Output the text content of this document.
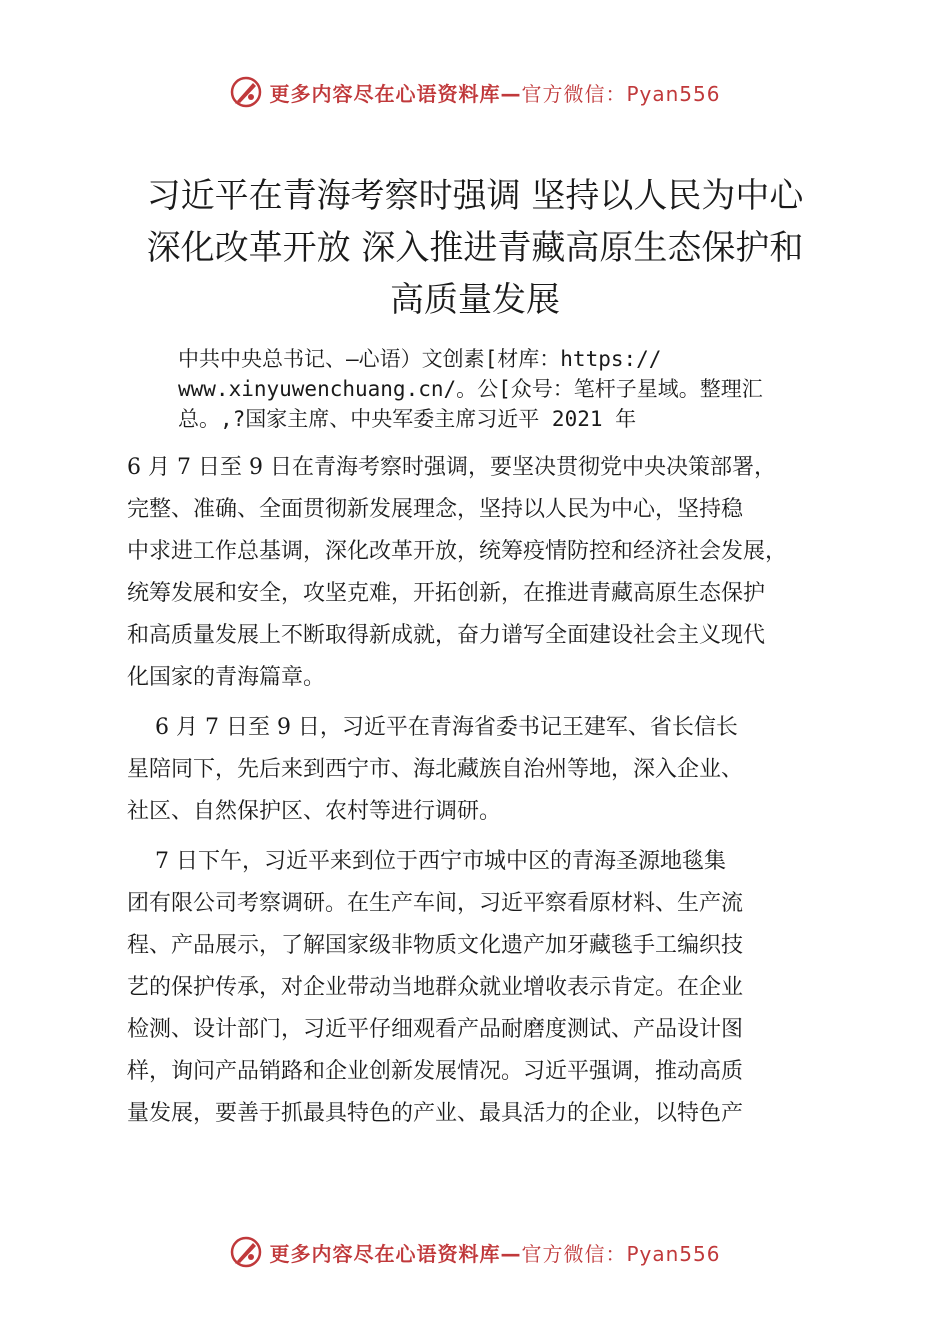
更多内容尽在心语资料库—官方微信：Pyan556
习近平在青海考察时强调 坚持以人民为中心
深化改革开放 深入推进青藏高原生态保护和
高质量发展
中共中央总书记、—心语）文创素[材库：https://
www.xinyuwenchuang.cn/。公[众号：笔杆子星域。整理汇
总。,?国家主席、中央军委主席习近平 2021 年
6 月 7 日至 9 日在青海考察时强调，要坚决贯彻党中央决策部署，
完整、准确、全面贯彻新发展理念，坚持以人民为中心，坚持稳
中求进工作总基调，深化改革开放，统筹疫情防控和经济社会发展，
统筹发展和安全，攻坚克难，开拓创新，在推进青藏高原生态保护
和高质量发展上不断取得新成就，奋力谱写全面建设社会主义现代
化国家的青海篇章。
6 月 7 日至 9 日，习近平在青海省委书记王建军、省长信长
星陪同下，先后来到西宁市、海北藏族自治州等地，深入企业、
社区、自然保护区、农村等进行调研。
7 日下午，习近平来到位于西宁市城中区的青海圣源地毯集
团有限公司考察调研。在生产车间，习近平察看原材料、生产流
程、产品展示，了解国家级非物质文化遗产加牙藏毯手工编织技
艺的保护传承，对企业带动当地群众就业增收表示肯定。在企业
检测、设计部门，习近平仔细观看产品耐磨度测试、产品设计图
样，询问产品销路和企业创新发展情况。习近平强调，推动高质
量发展，要善于抓最具特色的产业、最具活力的企业，以特色产
更多内容尽在心语资料库—官方微信：Pyan556
